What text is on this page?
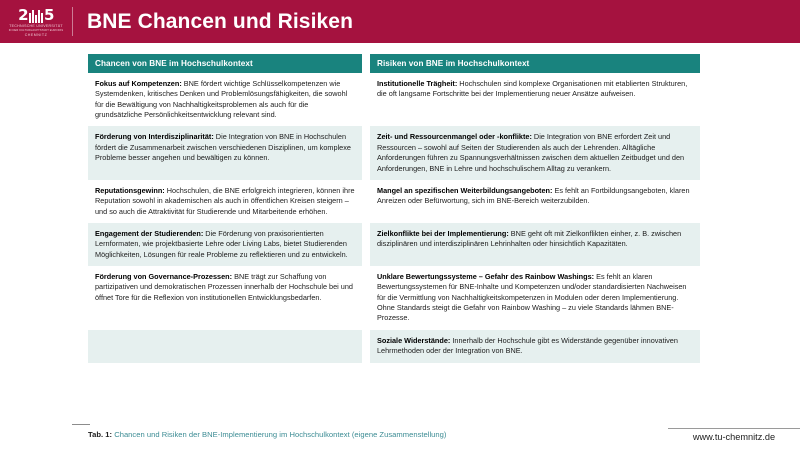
2 5
TECHNISCHE UNIVERSITÄT
IN DER KULTURHAUPTSTADT EUROPAS
CHEMNITZ
BNE Chancen und Risiken
Chancen von BNE im Hochschulkontext		Risiken von BNE im Hochschulkontext
Fokus auf Kompetenzen: BNE fördert wichtige Schlüsselkompetenzen wie Systemdenken, kritisches Denken und Problemlösungsfähigkeiten, die sowohl für die Bewältigung von Nachhaltigkeitsproblemen als auch für die grundsätzliche Persönlichkeitsentwicklung relevant sind.		Institutionelle Trägheit: Hochschulen sind komplexe Organisationen mit etablierten Strukturen, die oft langsame Fortschritte bei der Implementierung neuer Ansätze aufweisen.
Förderung von Interdisziplinarität: Die Integration von BNE in Hochschulen fördert die Zusammenarbeit zwischen verschiedenen Disziplinen, um komplexe Probleme besser angehen und bewältigen zu können.		Zeit- und Ressourcenmangel oder -konflikte: Die Integration von BNE erfordert Zeit und Ressourcen – sowohl auf Seiten der Studierenden als auch der Lehrenden. Alltägliche Anforderungen führen zu Spannungsverhältnissen zwischen dem aktuellen Zeitbudget und den Anforderungen, BNE in Lehre und hochschulischem Alltag zu verankern.
Reputationsgewinn: Hochschulen, die BNE erfolgreich integrieren, können ihre Reputation sowohl in akademischen als auch in öffentlichen Kreisen steigern – und so auch die Attraktivität für Studierende und Mitarbeitende erhöhen.		Mangel an spezifischen Weiterbildungsangeboten: Es fehlt an Fortbildungsangeboten, klaren Anreizen oder Befürwortung, sich im BNE-Bereich weiterzubilden.
Engagement der Studierenden: Die Förderung von praxisorientierten Lernformaten, wie projektbasierte Lehre oder Living Labs, bietet Studierenden Möglichkeiten, Lösungen für reale Probleme zu reflektieren und zu entwickeln.		Zielkonflikte bei der Implementierung: BNE geht oft mit Zielkonflikten einher, z. B. zwischen disziplinären und interdisziplinären Lehrinhalten oder hinsichtlich Kapazitäten.
Förderung von Governance-Prozessen: BNE trägt zur Schaffung von partizipativen und demokratischen Prozessen innerhalb der Hochschule bei und öffnet Tore für die Reflexion von institutionellen Entwicklungsbedarfen.		Unklare Bewertungssysteme – Gefahr des Rainbow Washings: Es fehlt an klaren Bewertungssystemen für BNE-Inhalte und Kompetenzen und/oder standardisierten Nachweisen für die Vermittlung von Nachhaltigkeitskompetenzen in Modulen oder deren Implementierung. Ohne Standards steigt die Gefahr von Rainbow Washing – zu viele Standards lähmen BNE-Prozesse.
		Soziale Widerstände: Innerhalb der Hochschule gibt es Widerstände gegenüber innovativen Lehrmethoden oder der Integration von BNE.
Tab. 1: Chancen und Risiken der BNE-Implementierung im Hochschulkontext (eigene Zusammenstellung)	www.tu-chemnitz.de
